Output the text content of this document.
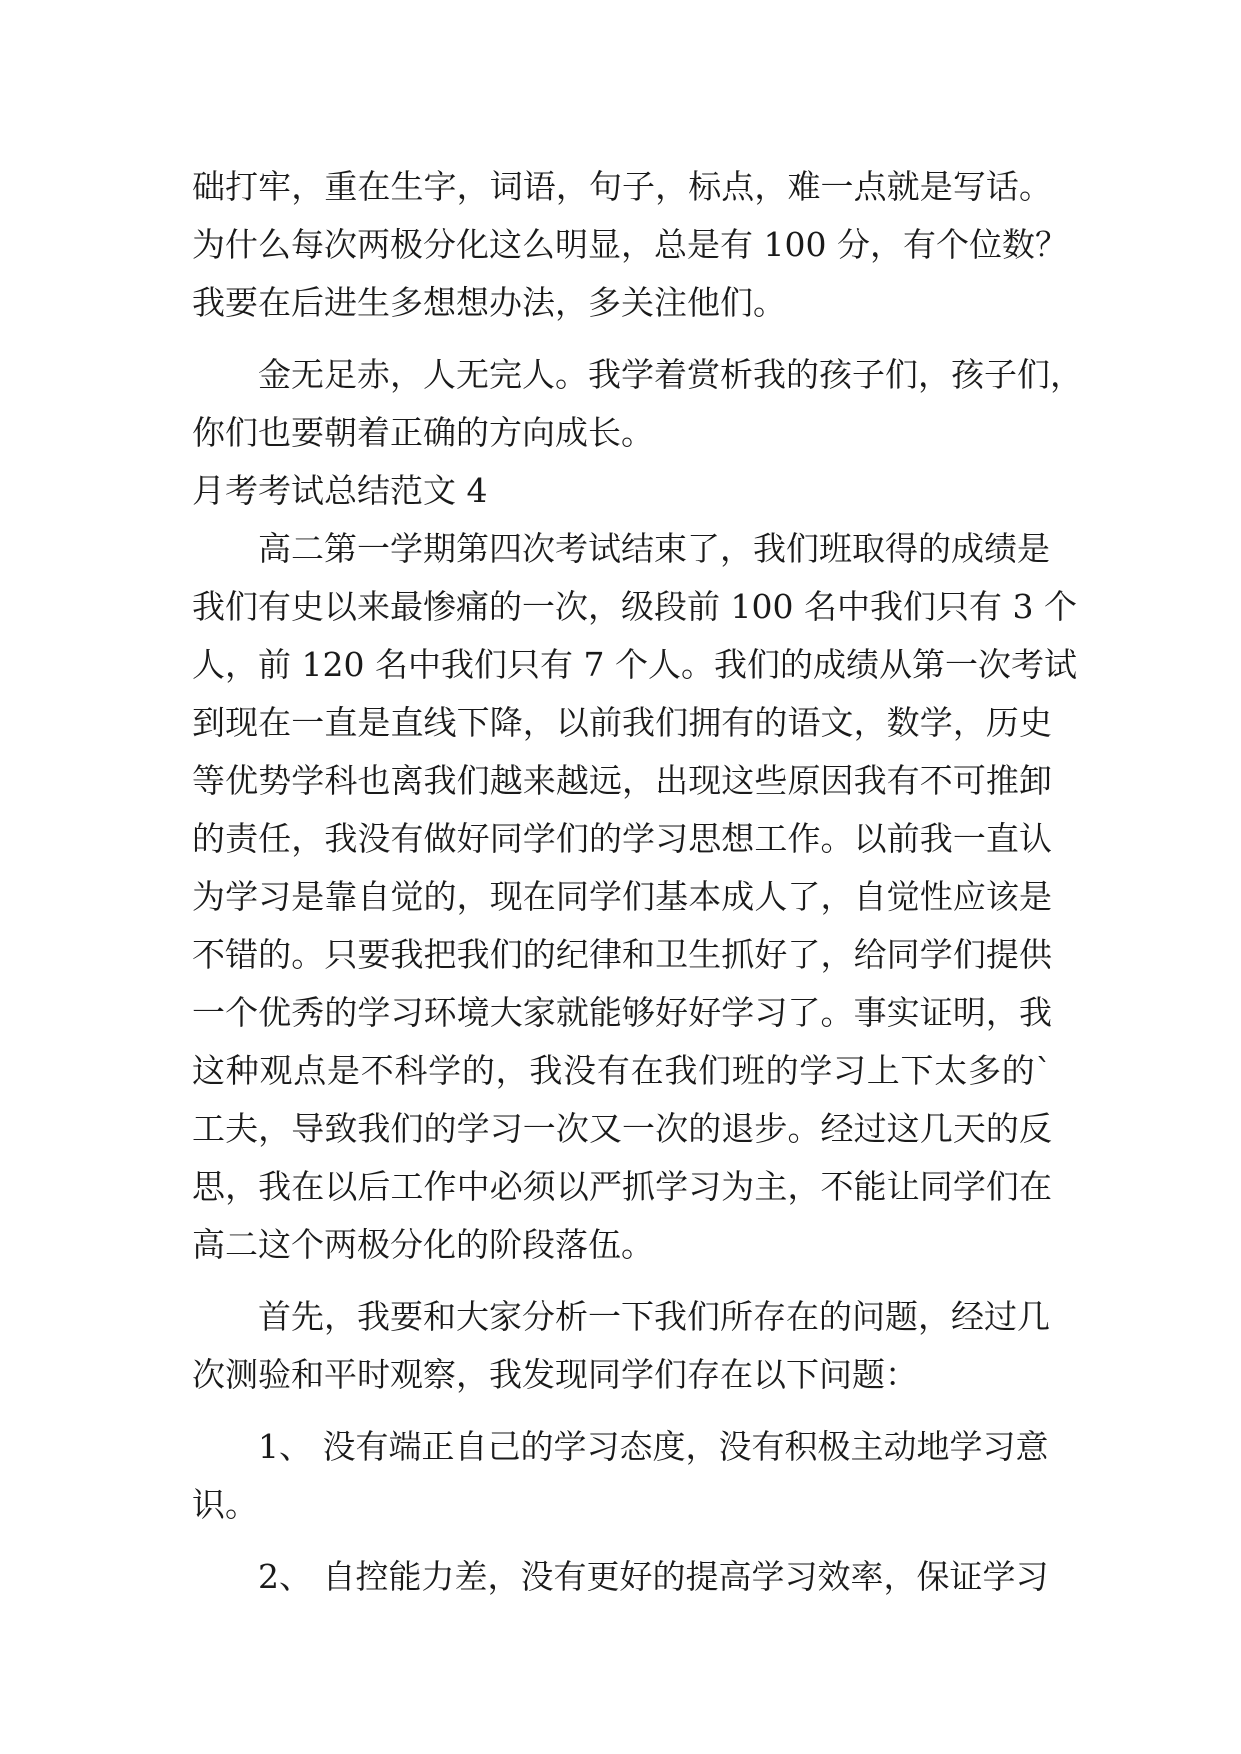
础打牢，重在生字，词语，句子，标点，难一点就是写话。
为什么每次两极分化这么明显，总是有 100 分，有个位数？
我要在后进生多想想办法，多关注他们。
金无足赤，人无完人。我学着赏析我的孩子们，孩子们，
你们也要朝着正确的方向成长。
月考考试总结范文 4
高二第一学期第四次考试结束了，我们班取得的成绩是
我们有史以来最惨痛的一次，级段前 100 名中我们只有 3 个
人，前 120 名中我们只有 7 个人。我们的成绩从第一次考试
到现在一直是直线下降，以前我们拥有的语文，数学，历史
等优势学科也离我们越来越远，出现这些原因我有不可推卸
的责任，我没有做好同学们的学习思想工作。以前我一直认
为学习是靠自觉的，现在同学们基本成人了，自觉性应该是
不错的。只要我把我们的纪律和卫生抓好了，给同学们提供
一个优秀的学习环境大家就能够好好学习了。事实证明，我
这种观点是不科学的，我没有在我们班的学习上下太多的`
工夫，导致我们的学习一次又一次的退步。经过这几天的反
思，我在以后工作中必须以严抓学习为主，不能让同学们在
高二这个两极分化的阶段落伍。
首先，我要和大家分析一下我们所存在的问题，经过几
次测验和平时观察，我发现同学们存在以下问题：
1、 没有端正自己的学习态度，没有积极主动地学习意
识。
2、 自控能力差，没有更好的提高学习效率，保证学习
